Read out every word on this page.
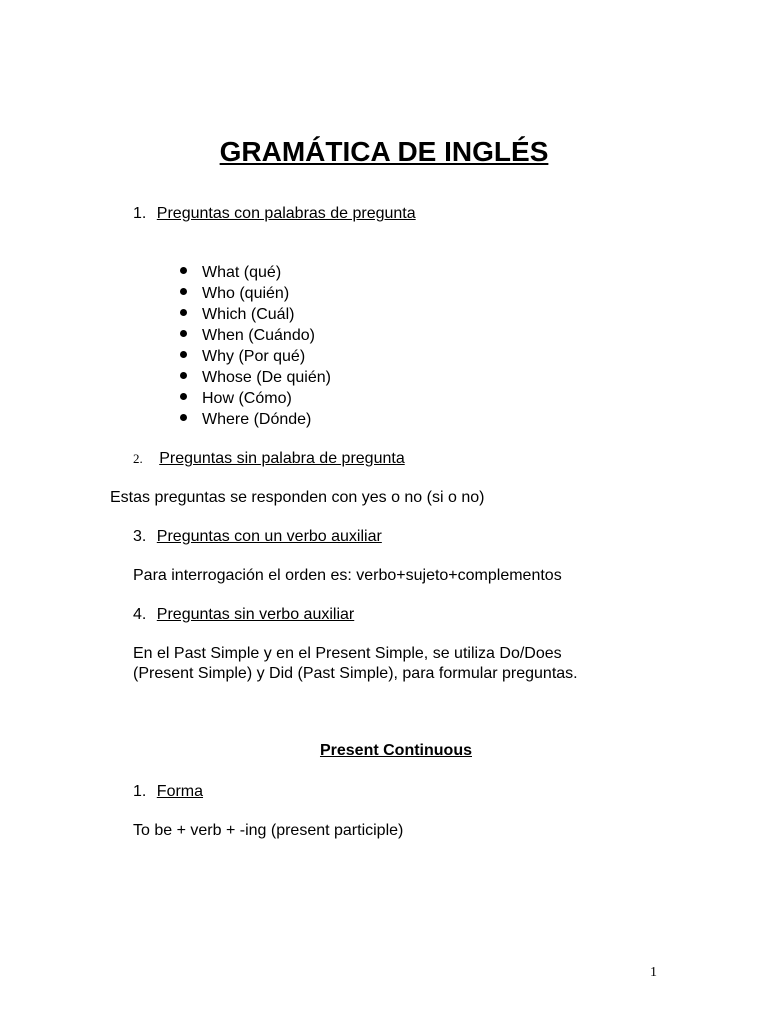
GRAMÁTICA DE INGLÉS
1. Preguntas con palabras de pregunta
What (qué)
Who (quién)
Which (Cuál)
When (Cuándo)
Why (Por qué)
Whose (De quién)
How (Cómo)
Where (Dónde)
2. Preguntas sin palabra de pregunta
Estas preguntas se responden con yes o no (si o no)
3. Preguntas con un verbo auxiliar
Para interrogación el orden es: verbo+sujeto+complementos
4. Preguntas sin verbo auxiliar
En el Past Simple y en el Present Simple, se utiliza Do/Does
(Present Simple) y Did (Past Simple), para formular preguntas.
Present Continuous
1. Forma
To be + verb + -ing (present participle)
1
